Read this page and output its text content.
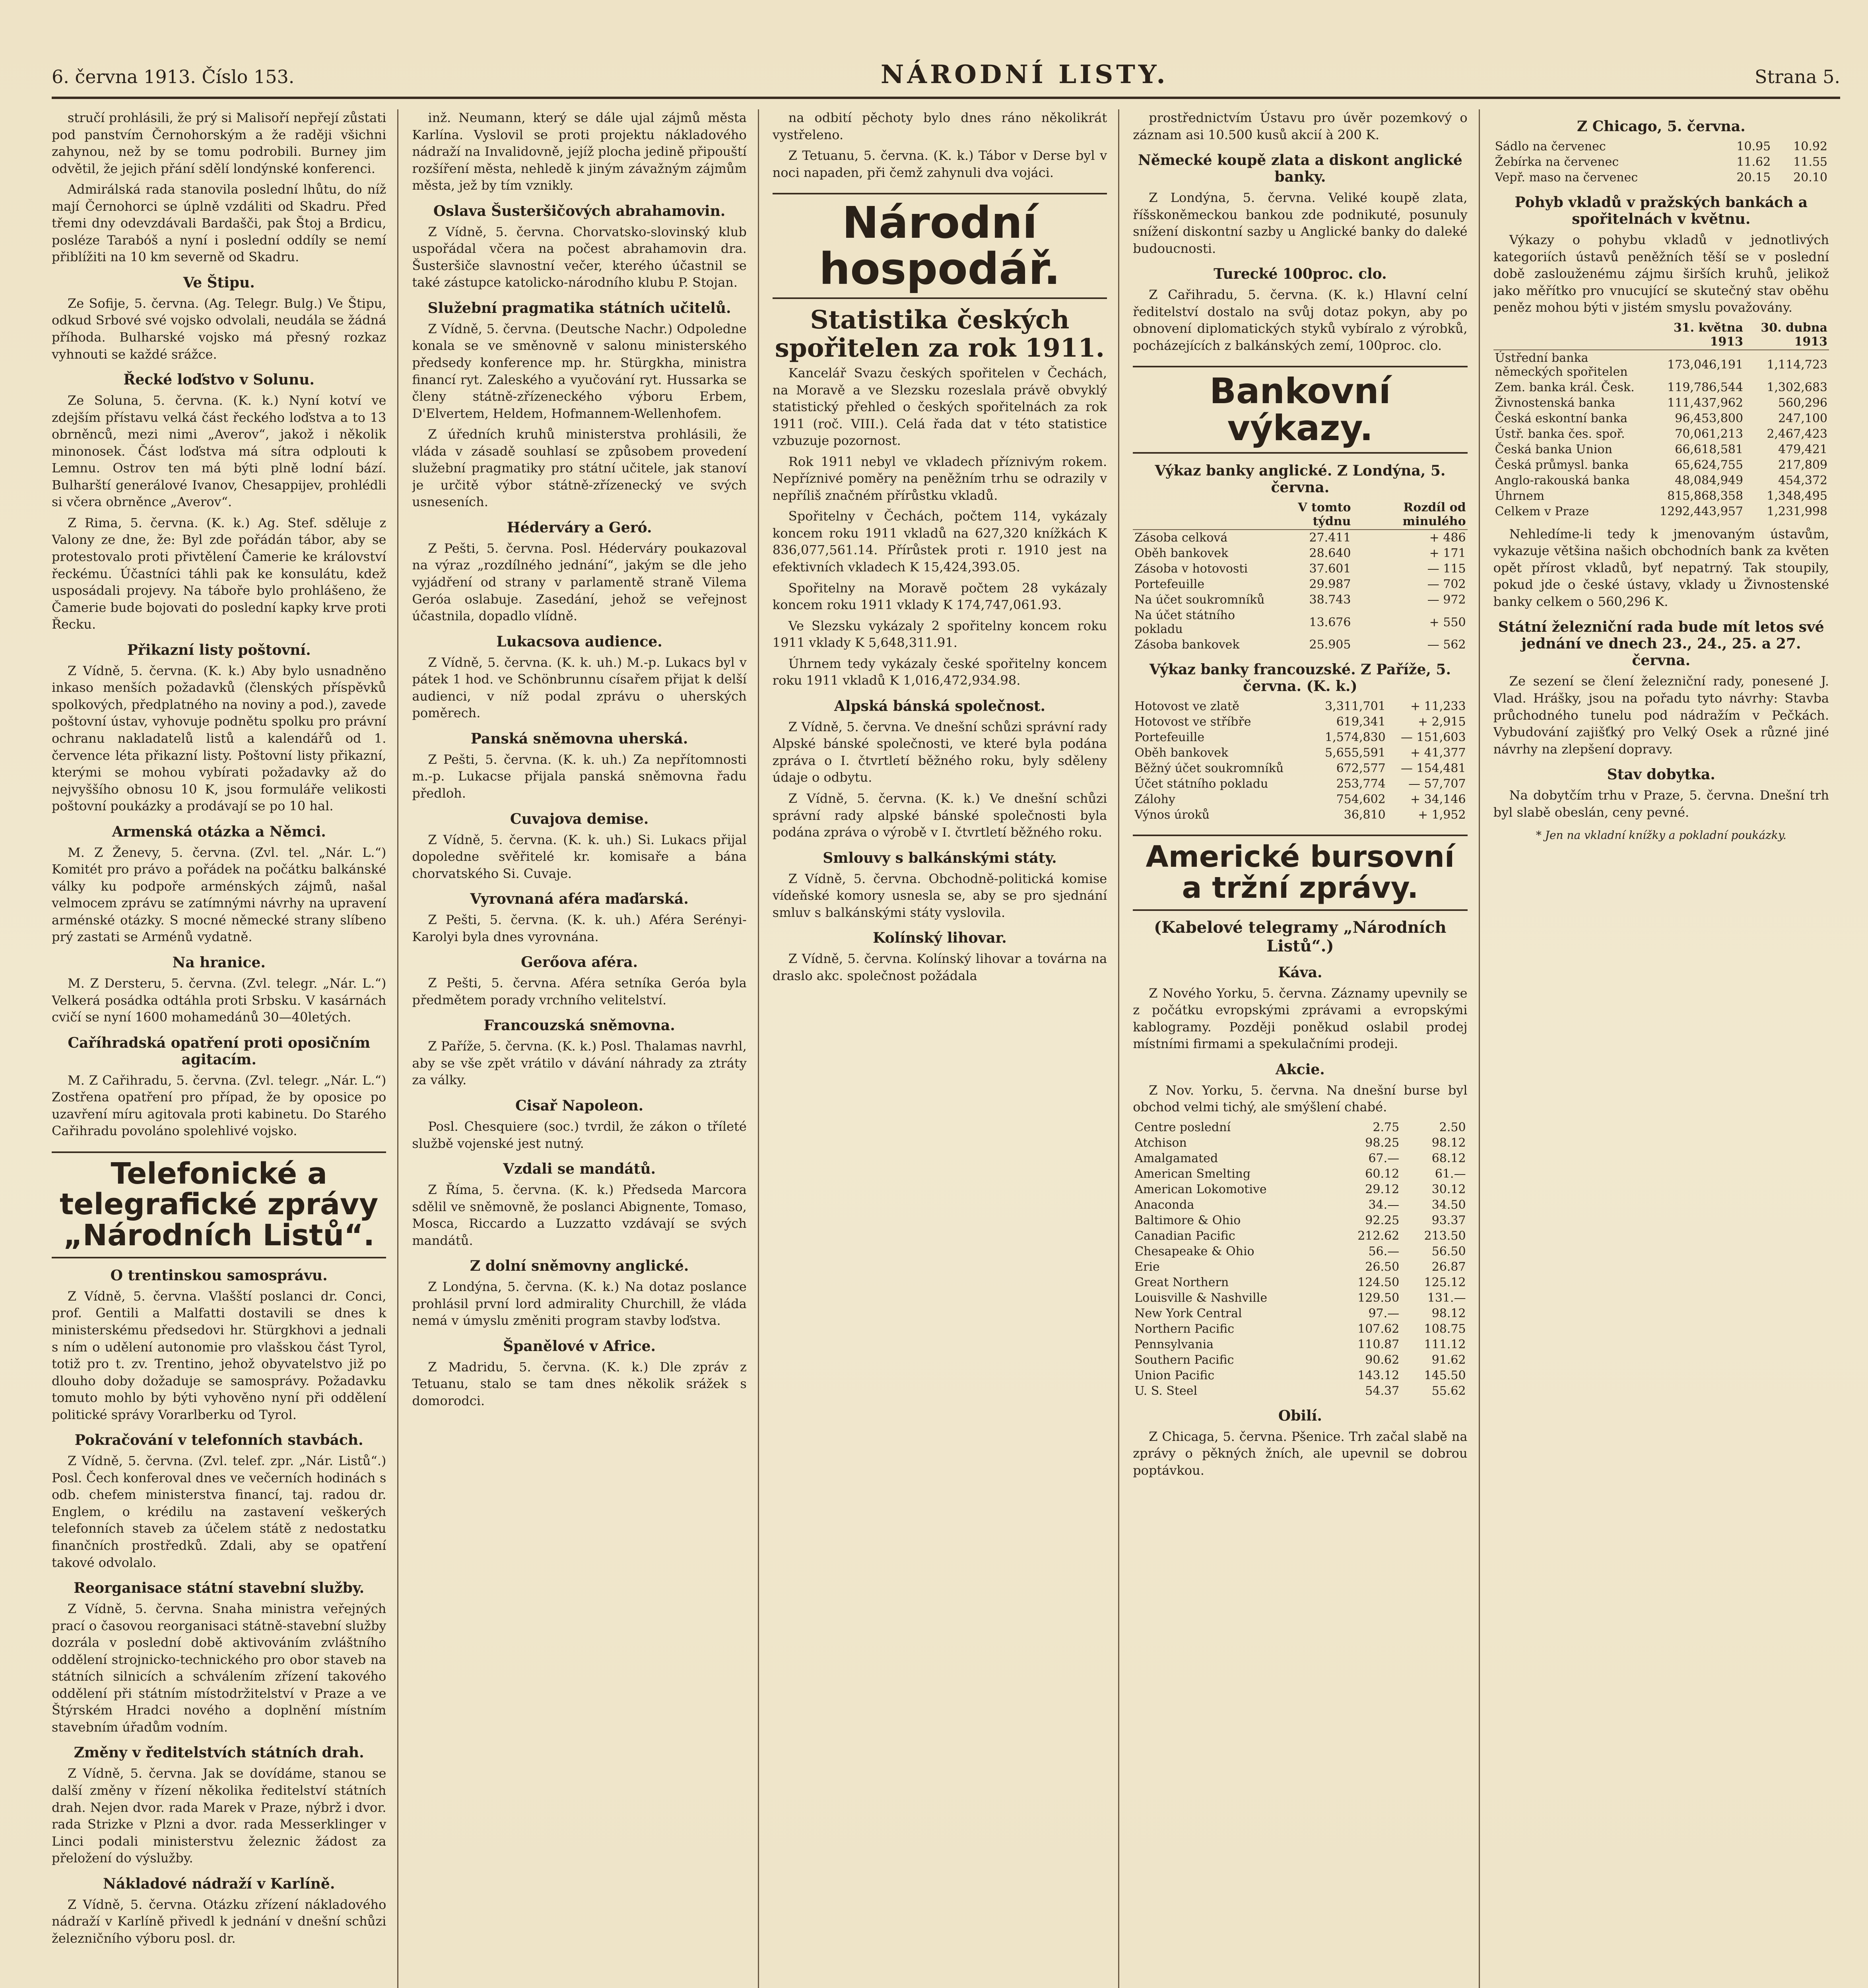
6. června 1913. Číslo 153.	NÁRODNÍ LISTY.	Strana 5.

stručí prohlásili, že prý si Malisoří nepřejí zůstati pod panstvím Černohorským a že raději všichni zahynou, než by se tomu podrobili. Burney jim odvětil, že jejich přání sdělí londýnské konferenci.

Admirálská rada stanovila poslední lhůtu, do níž mají Černohorci se úplně vzdáliti od Skadru. Před třemi dny odevzdávali Bardašči, pak Štoj a Brdicu, posléze Tarabóš a nyní i poslední oddíly se nemí přiblížiti na 10 km severně od Skadru.

Ve Štipu.

Ze Sofije, 5. června. (Ag. Telegr. Bulg.) Ve Štipu, odkud Srbové své vojsko odvolali, neudála se žádná příhoda. Bulharské vojsko má přesný rozkaz vyhnouti se každé srážce.

Řecké loďstvo v Solunu.

Ze Soluna, 5. června. (K. k.) Nyní kotví ve zdejším přístavu velká část řeckého loďstva a to 13 obrněnců, mezi nimi „Averov“, jakož i několik minonosek. Část loďstva má sítra odplouti k Lemnu. Ostrov ten má býti plně lodní bází. Bulharští generálové Ivanov, Chesappijev, prohlédli si včera obrněnce „Averov“.

Z Rima, 5. června. (K. k.) Ag. Stef. sděluje z Valony ze dne, že: Byl zde pořádán tábor, aby se protestovalo proti přivtělení Čamerie ke království řeckému. Účastníci táhli pak ke konsulátu, kdež usposádali projevy. Na táboře bylo prohlášeno, že Čamerie bude bojovati do poslední kapky krve proti Řecku.

Přikazní listy poštovní.

Z Vídně, 5. června. (K. k.) Aby bylo usnadněno inkaso menších požadavků (členských příspěvků spolkových, předplatného na noviny a pod.), zavede poštovní ústav, vyhovuje podnětu spolku pro právní ochranu nakladatelů listů a kalendářů od 1. července léta přikazní listy. Poštovní listy přikazní, kterými se mohou vybírati požadavky až do nejvyššího obnosu 10 K, jsou formuláře velikosti poštovní poukázky a prodávají se po 10 hal.

Armenská otázka a Němci.

M. Z Ženevy, 5. června. (Zvl. tel. „Nár. L.“) Komitét pro právo a pořádek na počátku balkánské války ku podpoře arménských zájmů, našal velmocem zprávu se zatímnými návrhy na upravení arménské otázky. S mocné německé strany slíbeno prý zastati se Arménů vydatně.

Na hranice.

M. Z Dersteru, 5. června. (Zvl. telegr. „Nár. L.“) Velkerá posádka odtáhla proti Srbsku. V kasárnách cvičí se nyní 1600 mohamedánů 30—40letých.

Caříhradská opatření proti oposičním agitacím.

M. Z Cařihradu, 5. června. (Zvl. telegr. „Nár. L.“) Zostřena opatření pro případ, že by oposice po uzavření míru agitovala proti kabinetu. Do Starého Cařihradu povoláno spolehlivé vojsko.

Telefonické a telegrafické zprávy „Národních Listů“.
O trentinskou samosprávu.

Z Vídně, 5. června. Vlašští poslanci dr. Conci, prof. Gentili a Malfatti dostavili se dnes k ministerskému předsedovi hr. Stürgkhovi a jednali s ním o udělení autonomie pro vlašskou část Tyrol, totiž pro t. zv. Trentino, jehož obyvatelstvo již po dlouho doby dožaduje se samosprávy. Požadavku tomuto mohlo by býti vyhověno nyní při oddělení politické správy Vorarlberku od Tyrol.

Pokračování v telefonních stavbách.

Z Vídně, 5. června. (Zvl. telef. zpr. „Nár. Listů“.) Posl. Čech konferoval dnes ve večerních hodinách s odb. chefem ministerstva financí, taj. radou dr. Englem, o krédilu na zastavení veškerých telefonních staveb za účelem státě z nedostatku finančních prostředků. Zdali, aby se opatření takové odvolalo.

Reorganisace státní stavební služby.

Z Vídně, 5. června. Snaha ministra veřejných prací o časovou reorganisaci státně-stavební služby dozrála v poslední době aktivováním zvláštního oddělení strojnicko-technického pro obor staveb na státních silnicích a schválením zřízení takového oddělení při státním místodržitelství v Praze a ve Štýrském Hradci nového a doplnění místním stavebním úřadům vodním.

Změny v ředitelstvích státních drah.

Z Vídně, 5. června. Jak se dovídáme, stanou se další změny v řízení několika ředitelství státních drah. Nejen dvor. rada Marek v Praze, nýbrž i dvor. rada Strizke v Plzni a dvor. rada Messerklinger v Linci podali ministerstvu železnic žádost za přeložení do výslužby.

Nákladové nádraží v Karlíně.

Z Vídně, 5. června. Otázku zřízení nákladového nádraží v Karlíně přivedl k jednání v dnešní schůzi železničního výboru posl. dr.

inž. Neumann, který se dále ujal zájmů města Karlína. Vyslovil se proti projektu nákladového nádraží na Invalidovně, jejíž plocha jedině připouští rozšíření města, nehledě k jiným závažným zájmům města, jež by tím vznikly.

Oslava Šusteršičových abrahamovin.

Z Vídně, 5. června. Chorvatsko-slovinský klub uspořádal včera na počest abrahamovin dra. Šusteršiče slavnostní večer, kterého účastnil se také zástupce katolicko-národního klubu P. Stojan.

Služební pragmatika státních učitelů.

Z Vídně, 5. června. (Deutsche Nachr.) Odpoledne konala se ve směnovně v salonu ministerského předsedy konference mp. hr. Stürgkha, ministra financí ryt. Zaleského a vyučování ryt. Hussarka se členy státně-zřízeneckého výboru Erbem, D'Elvertem, Heldem, Hofmannem-Wellenhofem.

Z úředních kruhů ministerstva prohlásili, že vláda v zásadě souhlasí se způsobem provedení služební pragmatiky pro státní učitele, jak stanoví je určitě výbor státně-zřízenecký ve svých usneseních.

Héderváry a Geró.

Z Pešti, 5. června. Posl. Héderváry poukazoval na výraz „rozdílného jednání“, jakým se dle jeho vyjádření od strany v parlamentě straně Vilema Geróa oslabuje. Zasedání, jehož se veřejnost účastnila, dopadlo vlídně.

Lukacsova audience.

Z Vídně, 5. června. (K. k. uh.) M.-p. Lukacs byl v pátek 1 hod. ve Schönbrunnu císařem přijat k delší audienci, v níž podal zprávu o uherských poměrech.

Panská sněmovna uherská.

Z Pešti, 5. června. (K. k. uh.) Za nepřítomnosti m.-p. Lukacse přijala panská sněmovna řadu předloh.

Cuvajova demise.

Z Vídně, 5. června. (K. k. uh.) Si. Lukacs přijal dopoledne svěřitelé kr. komisaře a bána chorvatského Si. Cuvaje.

Vyrovnaná aféra maďarská.

Z Pešti, 5. června. (K. k. uh.) Aféra Serényi-Karolyi byla dnes vyrovnána.

Gerőova aféra.

Z Pešti, 5. června. Aféra setníka Geróa byla předmětem porady vrchního velitelství.

Francouzská sněmovna.

Z Paříže, 5. června. (K. k.) Posl. Thalamas navrhl, aby se vše zpět vrátilo v dávání náhrady za ztráty za války.

Cisař Napoleon.

Posl. Chesquiere (soc.) tvrdil, že zákon o tříleté službě vojenské jest nutný.

Vzdali se mandátů.

Z Říma, 5. června. (K. k.) Předseda Marcora sdělil ve sněmovně, že poslanci Abignente, Tomaso, Mosca, Riccardo a Luzzatto vzdávají se svých mandátů.

Z dolní sněmovny anglické.

Z Londýna, 5. června. (K. k.) Na dotaz poslance prohlásil první lord admirality Churchill, že vláda nemá v úmyslu změniti program stavby loďstva.

Španělové v Africe.

Z Madridu, 5. června. (K. k.) Dle zpráv z Tetuanu, stalo se tam dnes několik srážek s domorodci.

na odbití pěchoty bylo dnes ráno několikrát vystřeleno.

Z Tetuanu, 5. června. (K. k.) Tábor v Derse byl v noci napaden, při čemž zahynuli dva vojáci.

Národní hospodář.
Statistika českých spořitelen za rok 1911.

Kancelář Svazu českých spořitelen v Čechách, na Moravě a ve Slezsku rozeslala právě obvyklý statistický přehled o českých spořitelnách za rok 1911 (roč. VIII.). Celá řada dat v této statistice vzbuzuje pozornost.

Rok 1911 nebyl ve vkladech příznivým rokem. Nepříznivé poměry na peněžním trhu se odrazily v nepříliš značném přírůstku vkladů.

Spořitelny v Čechách, počtem 114, vykázaly koncem roku 1911 vkladů na 627,320 knížkách K 836,077,561.14. Přírůstek proti r. 1910 jest na efektivních vkladech K 15,424,393.05.

Spořitelny na Moravě počtem 28 vykázaly koncem roku 1911 vklady K 174,747,061.93.

Ve Slezsku vykázaly 2 spořitelny koncem roku 1911 vklady K 5,648,311.91.

Úhrnem tedy vykázaly české spořitelny koncem roku 1911 vkladů K 1,016,472,934.98.

Alpská bánská společnost.

Z Vídně, 5. června. Ve dnešní schůzi správní rady Alpské bánské společnosti, ve které byla podána zpráva o I. čtvrtletí běžného roku, byly sděleny údaje o odbytu.

Z Vídně, 5. června. (K. k.) Ve dnešní schůzi správní rady alpské bánské společnosti byla podána zpráva o výrobě v I. čtvrtletí běžného roku.

Smlouvy s balkánskými státy.

Z Vídně, 5. června. Obchodně-politická komise vídeňské komory usnesla se, aby se pro sjednání smluv s balkánskými státy vyslovila.

Kolínský lihovar.

Z Vídně, 5. června. Kolínský lihovar a továrna na draslo akc. společnost požádala

prostřednictvím Ústavu pro úvěr pozemkový o záznam asi 10.500 kusů akcií à 200 K.

Německé koupě zlata a diskont anglické banky.

Z Londýna, 5. června. Veliké koupě zlata, říšskoněmeckou bankou zde podnikuté, posunuly snížení diskontní sazby u Anglické banky do daleké budoucnosti.

Turecké 100proc. clo.

Z Cařihradu, 5. června. (K. k.) Hlavní celní ředitelství dostalo na svůj dotaz pokyn, aby po obnovení diplomatických styků vybíralo z výrobků, pocházejících z balkánských zemí, 100proc. clo.

Bankovní výkazy.
Výkaz banky anglické. Z Londýna, 5. června.
	V tomto týdnu	Rozdíl od minulého
Zásoba celková	27.411	+ 486
Oběh bankovek	28.640	+ 171
Zásoba v hotovosti	37.601	— 115
Portefeuille	29.987	— 702
Na účet soukromníků	38.743	— 972
Na účet státního pokladu	13.676	+ 550
Zásoba bankovek	25.905	— 562
Výkaz banky francouzské. Z Paříže, 5. června. (K. k.)
Hotovost ve zlatě	3,311,701	+ 11,233
Hotovost ve stříbře	619,341	+ 2,915
Portefeuille	1,574,830	— 151,603
Oběh bankovek	5,655,591	+ 41,377
Běžný účet soukromníků	672,577	— 154,481
Účet státního pokladu	253,774	— 57,707
Zálohy	754,602	+ 34,146
Výnos úroků	36,810	+ 1,952
Americké bursovní a tržní zprávy.
(Kabelové telegramy „Národních Listů“.)
Káva.

Z Nového Yorku, 5. června. Záznamy upevnily se z počátku evropskými zprávami a evropskými kablogramy. Později poněkud oslabil prodej místními firmami a spekulačními prodeji.

Akcie.

Z Nov. Yorku, 5. června. Na dnešní burse byl obchod velmi tichý, ale smýšlení chabé.

Centre poslední	2.75	2.50
Atchison	98.25	98.12
Amalgamated	67.—	68.12
American Smelting	60.12	61.—
American Lokomotive	29.12	30.12
Anaconda	34.—	34.50
Baltimore & Ohio	92.25	93.37
Canadian Pacific	212.62	213.50
Chesapeake & Ohio	56.—	56.50
Erie	26.50	26.87
Great Northern	124.50	125.12
Louisville & Nashville	129.50	131.—
New York Central	97.—	98.12
Northern Pacific	107.62	108.75
Pennsylvania	110.87	111.12
Southern Pacific	90.62	91.62
Union Pacific	143.12	145.50
U. S. Steel	54.37	55.62
Obilí.

Z Chicaga, 5. června. Pšenice. Trh začal slabě na zprávy o pěkných žních, ale upevnil se dobrou poptávkou.

Z Chicago, 5. června.
Sádlo na červenec	10.95	10.92
Žebírka na červenec	11.62	11.55
Vepř. maso na červenec	20.15	20.10
Pohyb vkladů v pražských bankách a spořitelnách v květnu.

Výkazy o pohybu vkladů v jednotlivých kategoriích ústavů peněžních těší se v poslední době zaslouženému zájmu širších kruhů, jelikož jako měřítko pro vnucující se skutečný stav oběhu peněz mohou býti v jistém smyslu považovány.

	31. května 1913	30. dubna 1913
Ústřední banka německých spořitelen	173,046,191	1,114,723
Zem. banka král. Česk.	119,786,544	1,302,683
Živnostenská banka	111,437,962	560,296
Česká eskontní banka	96,453,800	247,100
Ústř. banka čes. spoř.	70,061,213	2,467,423
Česká banka Union	66,618,581	479,421
Česká průmysl. banka	65,624,755	217,809
Anglo-rakouská banka	48,084,949	454,372
Úhrnem	815,868,358	1,348,495
Celkem v Praze	1292,443,957	1,231,998

Nehledíme-li tedy k jmenovaným ústavům, vykazuje většina našich obchodních bank za květen opět přírost vkladů, byť nepatrný. Tak stoupily, pokud jde o české ústavy, vklady u Živnostenské banky celkem o 560,296 K.

Státní železniční rada bude mít letos své jednání ve dnech 23., 24., 25. a 27. června.

Ze sezení se člení železniční rady, ponesené J. Vlad. Hrášky, jsou na pořadu tyto návrhy: Stavba průchodného tunelu pod nádražím v Pečkách. Vybudování zajišťký pro Velký Osek a různé jiné návrhy na zlepšení dopravy.

Stav dobytka.

Na dobytčím trhu v Praze, 5. června. Dnešní trh byl slabě obeslán, ceny pevné.

* Jen na vkladní knížky a pokladní poukázky.
